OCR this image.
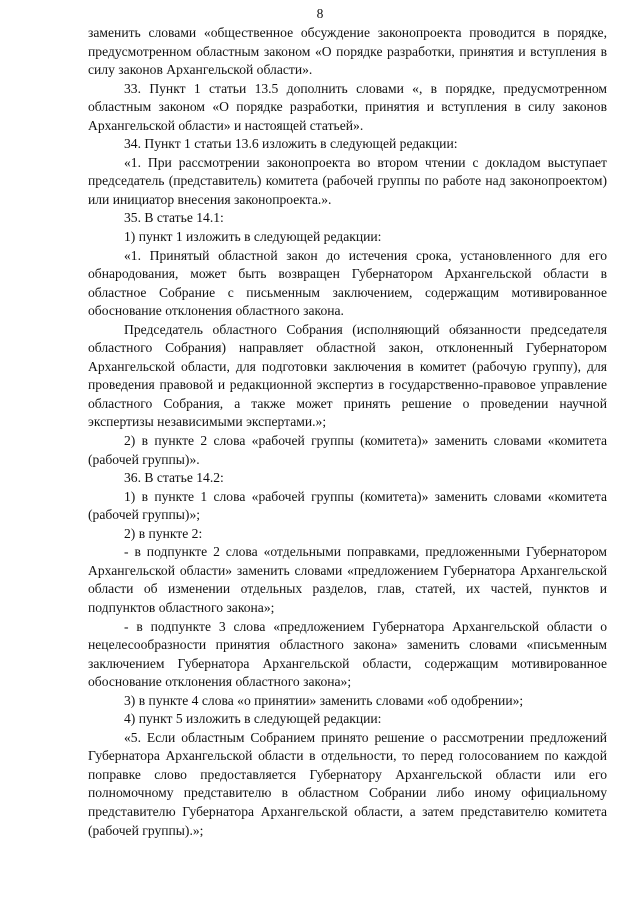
8

заменить словами «общественное обсуждение законопроекта проводится в порядке, предусмотренном областным законом «О порядке разработки, принятия и вступления в силу законов Архангельской области».

33. Пункт 1 статьи 13.5 дополнить словами «, в порядке, предусмотренном областным законом «О порядке разработки, принятия и вступления в силу законов Архангельской области» и настоящей статьей».

34. Пункт 1 статьи 13.6 изложить в следующей редакции:

«1. При рассмотрении законопроекта во втором чтении с докладом выступает председатель (представитель) комитета (рабочей группы по работе над законопроектом) или инициатор внесения законопроекта.».

35. В статье 14.1:

1) пункт 1 изложить в следующей редакции:

«1. Принятый областной закон до истечения срока, установленного для его обнародования, может быть возвращен Губернатором Архангельской области в областное Собрание с письменным заключением, содержащим мотивированное обоснование отклонения областного закона.

Председатель областного Собрания (исполняющий обязанности председателя областного Собрания) направляет областной закон, отклоненный Губернатором Архангельской области, для подготовки заключения в комитет (рабочую группу), для проведения правовой и редакционной экспертиз в государственно-правовое управление областного Собрания, а также может принять решение о проведении научной экспертизы независимыми экспертами.»;

2) в пункте 2 слова «рабочей группы (комитета)» заменить словами «комитета (рабочей группы)».

36. В статье 14.2:

1) в пункте 1 слова «рабочей группы (комитета)» заменить словами «комитета (рабочей группы)»;

2) в пункте 2:

- в подпункте 2 слова «отдельными поправками, предложенными Губернатором Архангельской области» заменить словами «предложением Губернатора Архангельской области об изменении отдельных разделов, глав, статей, их частей, пунктов и подпунктов областного закона»;

- в подпункте 3 слова «предложением Губернатора Архангельской области о нецелесообразности принятия областного закона» заменить словами «письменным заключением Губернатора Архангельской области, содержащим мотивированное обоснование отклонения областного закона»;

3) в пункте 4 слова «о принятии» заменить словами «об одобрении»;

4) пункт 5 изложить в следующей редакции:

«5. Если областным Собранием принято решение о рассмотрении предложений Губернатора Архангельской области в отдельности, то перед голосованием по каждой поправке слово предоставляется Губернатору Архангельской области или его полномочному представителю в областном Собрании либо иному официальному представителю Губернатора Архангельской области, а затем представителю комитета (рабочей группы).»;
